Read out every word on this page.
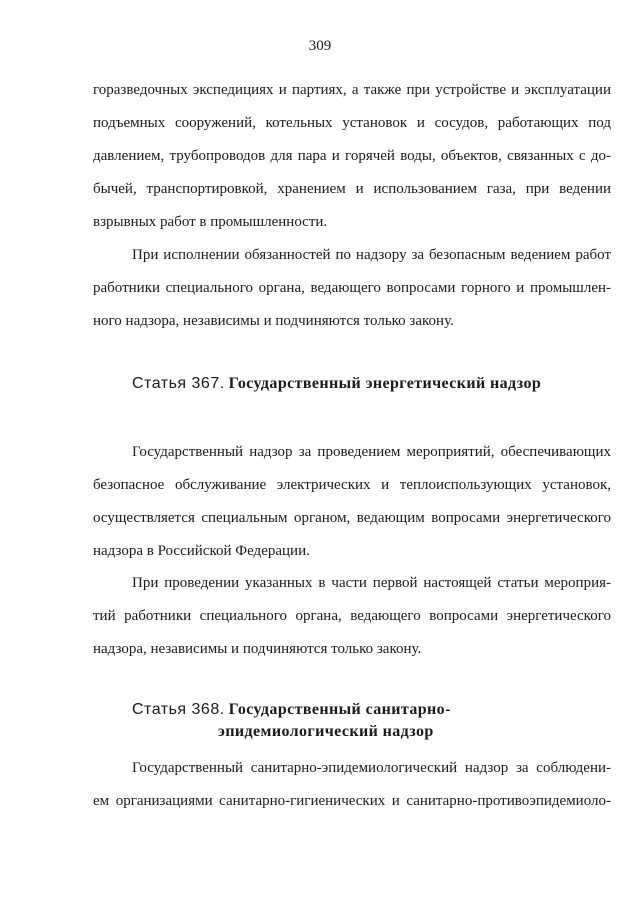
309
горазведочных экспедициях и партиях, а также при устройстве и эксплуатации
подъемных сооружений, котельных установок и сосудов, работающих под
давлением, трубопроводов для пара и горячей воды, объектов, связанных с до-
бычей, транспортировкой, хранением и использованием газа, при ведении
взрывных работ в промышленности.
При исполнении обязанностей по надзору за безопасным ведением работ
работники специального органа, ведающего вопросами горного и промышлен-
ного надзора, независимы и подчиняются только закону.
Статья 367. Государственный энергетический надзор
Государственный надзор за проведением мероприятий, обеспечивающих
безопасное обслуживание электрических и теплоиспользующих установок,
осуществляется специальным органом, ведающим вопросами энергетического
надзора в Российской Федерации.
При проведении указанных в части первой настоящей статьи мероприя-
тий работники специального органа, ведающего вопросами энергетического
надзора, независимы и подчиняются только закону.
Статья 368. Государственный санитарно-
эпидемиологический надзор
Государственный санитарно-эпидемиологический надзор за соблюдени-
ем организациями санитарно-гигиенических и санитарно-противоэпидемиоло-
